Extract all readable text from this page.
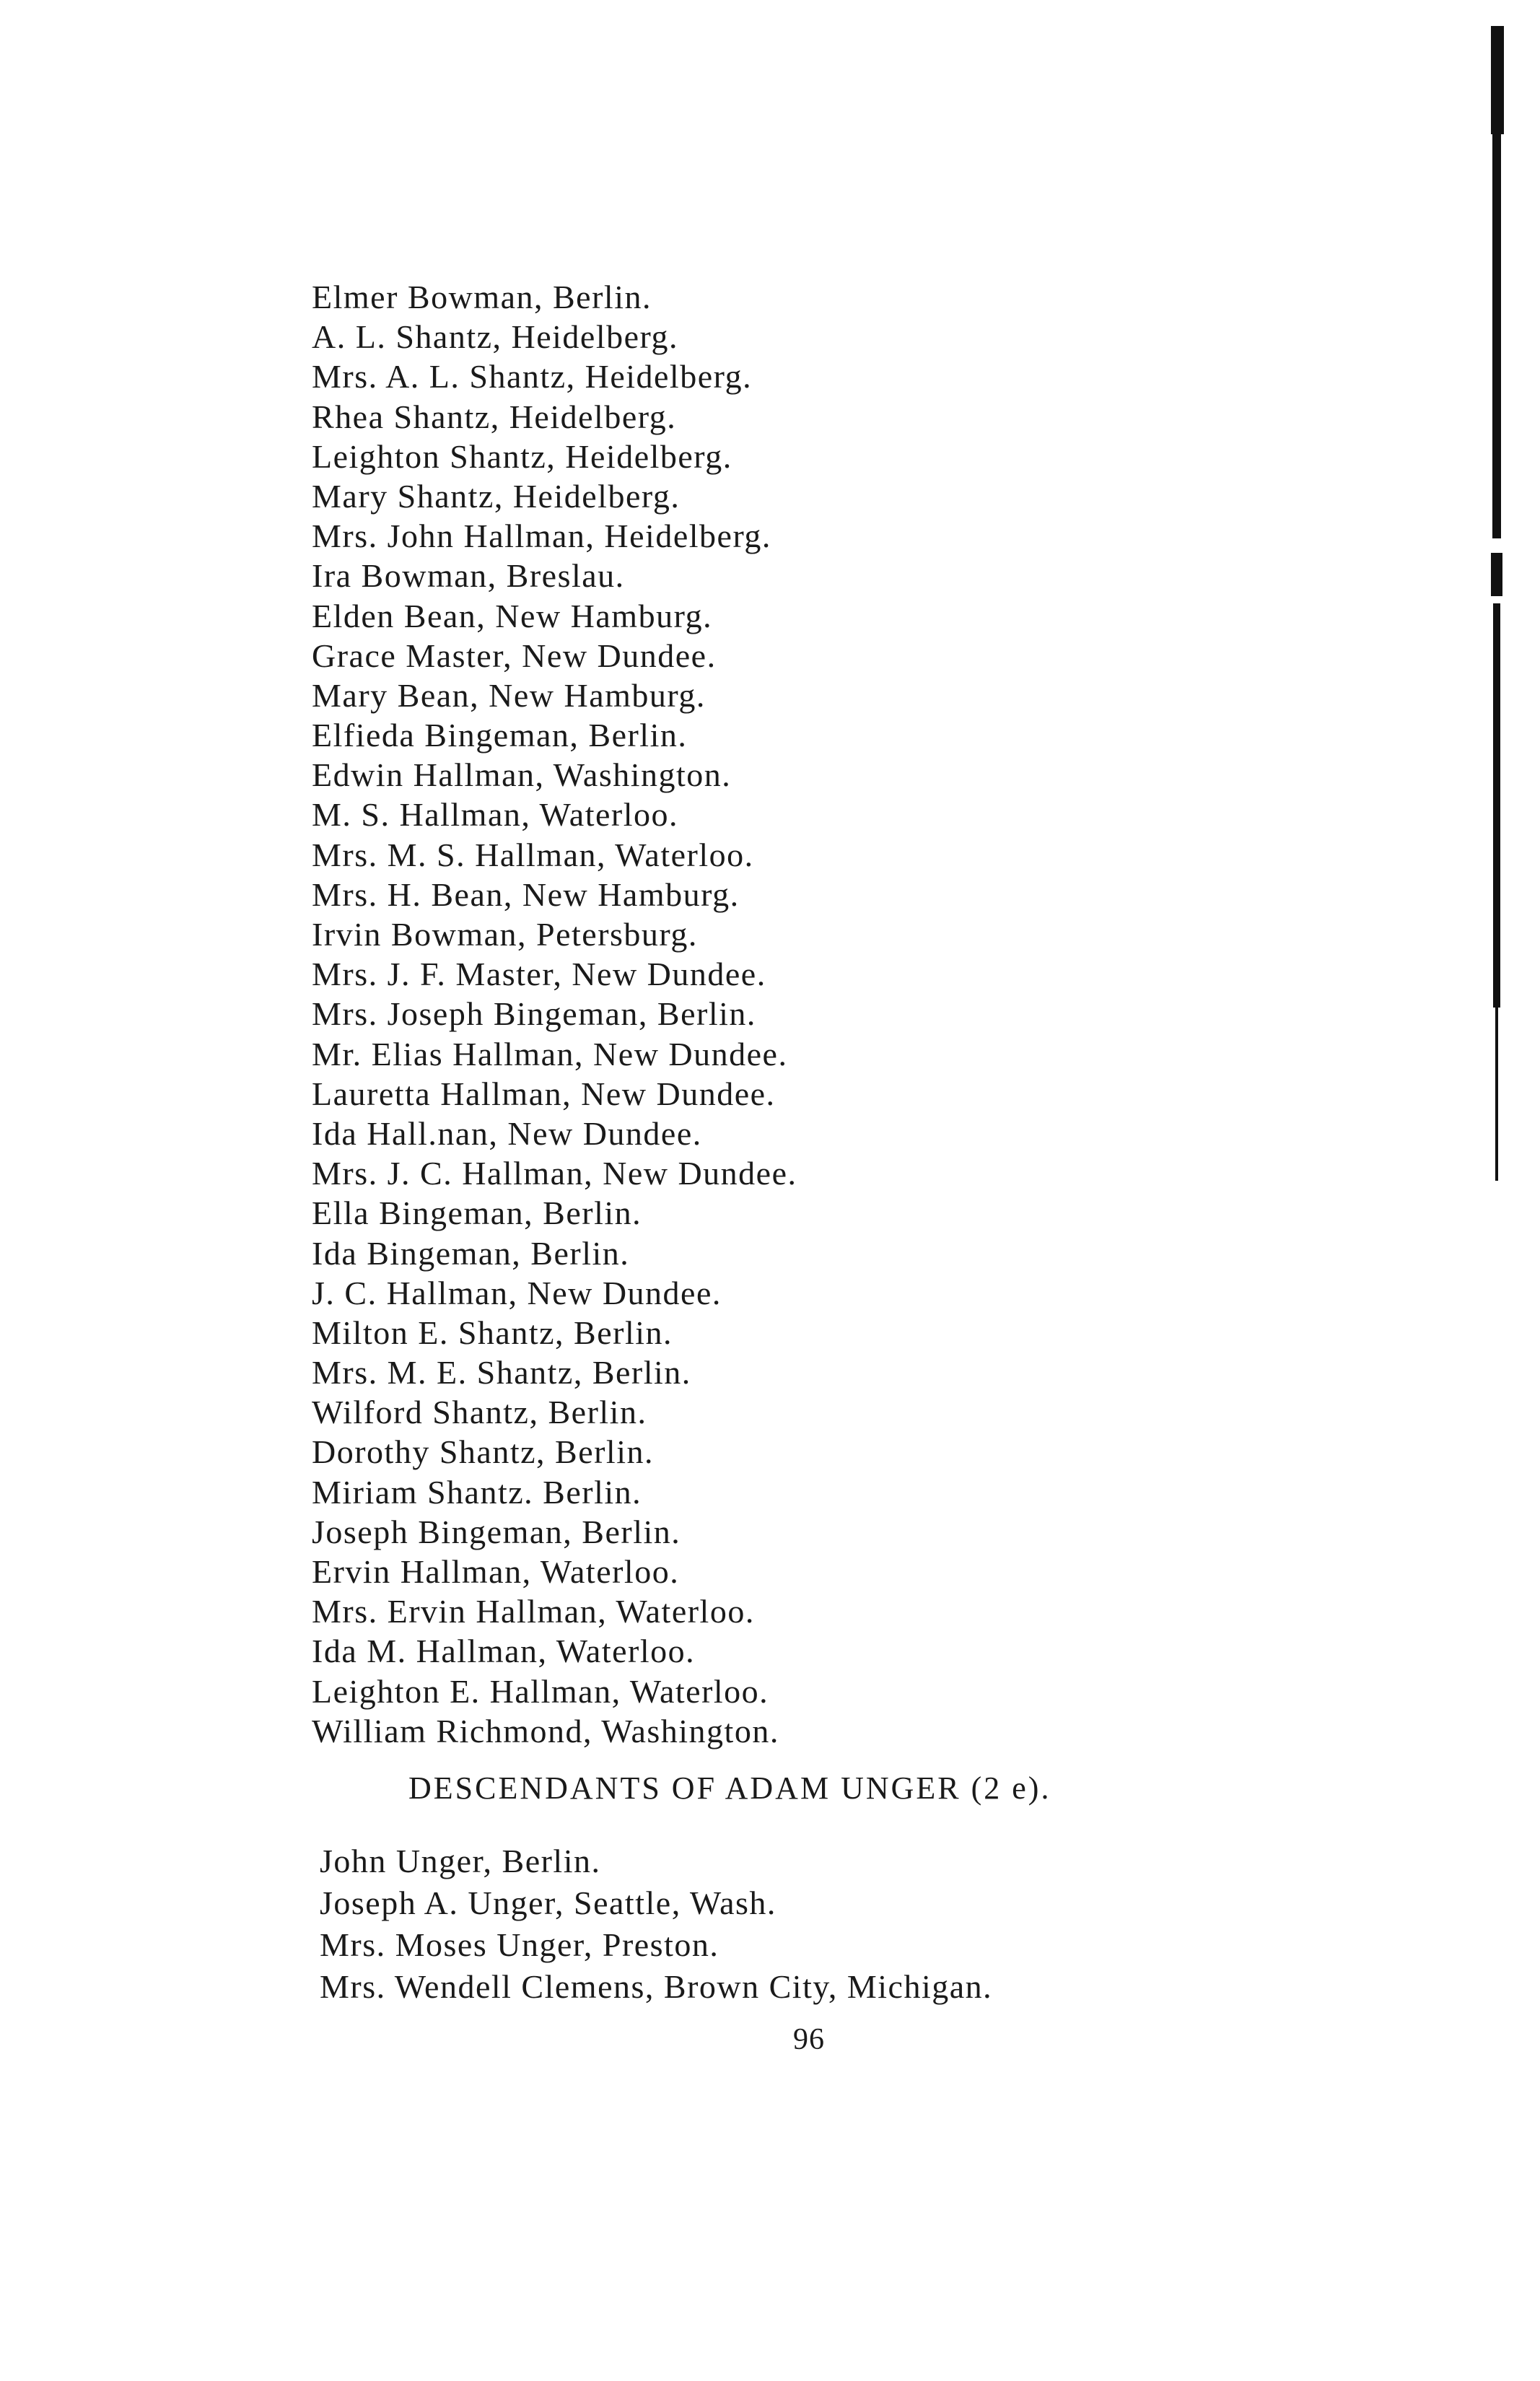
Elmer Bowman, Berlin.
A. L. Shantz, Heidelberg.
Mrs. A. L. Shantz, Heidelberg.
Rhea Shantz, Heidelberg.
Leighton Shantz, Heidelberg.
Mary Shantz, Heidelberg.
Mrs. John Hallman, Heidelberg.
Ira Bowman, Breslau.
Elden Bean, New Hamburg.
Grace Master, New Dundee.
Mary Bean, New Hamburg.
Elfieda Bingeman, Berlin.
Edwin Hallman, Washington.
M. S. Hallman, Waterloo.
Mrs. M. S. Hallman, Waterloo.
Mrs. H. Bean, New Hamburg.
Irvin Bowman, Petersburg.
Mrs. J. F. Master, New Dundee.
Mrs. Joseph Bingeman, Berlin.
Mr. Elias Hallman, New Dundee.
Lauretta Hallman, New Dundee.
Ida Hall.nan, New Dundee.
Mrs. J. C. Hallman, New Dundee.
Ella Bingeman, Berlin.
Ida Bingeman, Berlin.
J. C. Hallman, New Dundee.
Milton E. Shantz, Berlin.
Mrs. M. E. Shantz, Berlin.
Wilford Shantz, Berlin.
Dorothy Shantz, Berlin.
Miriam Shantz. Berlin.
Joseph Bingeman, Berlin.
Ervin Hallman, Waterloo.
Mrs. Ervin Hallman, Waterloo.
Ida M. Hallman, Waterloo.
Leighton E. Hallman, Waterloo.
William Richmond, Washington.
DESCENDANTS OF ADAM UNGER (2 e).
John Unger, Berlin.
Joseph A. Unger, Seattle, Wash.
Mrs. Moses Unger, Preston.
Mrs. Wendell Clemens, Brown City, Michigan.
96
